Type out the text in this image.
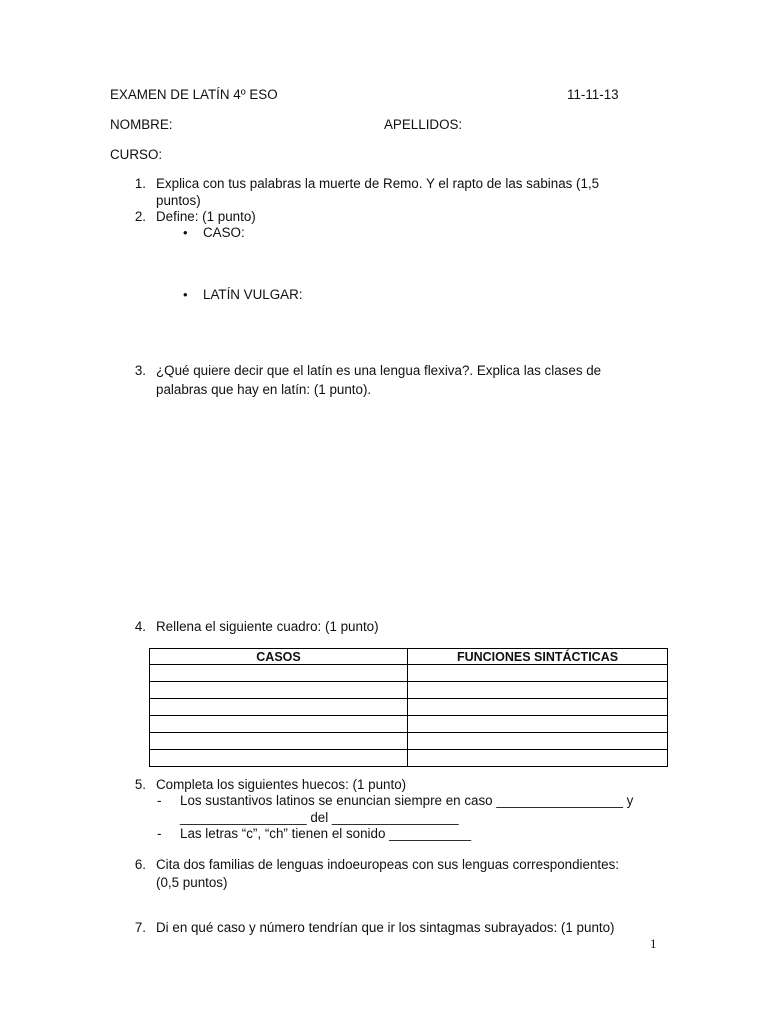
EXAMEN DE LATÍN 4º ESO	11-11-13
NOMBRE:	APELLIDOS:
CURSO:
1. Explica con tus palabras la muerte de Remo. Y el rapto de las sabinas (1,5
puntos)
2. Define: (1 punto)
• CASO:
• LATÍN VULGAR:
3. ¿Qué quiere decir que el latín es una lengua flexiva?. Explica las clases de
palabras que hay en latín: (1 punto).
4. Rellena el siguiente cuadro: (1 punto)
CASOS	FUNCIONES SINTÁCTICAS

5. Completa los siguientes huecos: (1 punto)
- Los sustantivos latinos se enuncian siempre en caso _________________ y
_________________ del _________________
- Las letras “c”, “ch” tienen el sonido ___________
6. Cita dos familias de lenguas indoeuropeas con sus lenguas correspondientes:
(0,5 puntos)
7. Di en qué caso y número tendrían que ir los sintagmas subrayados: (1 punto)
1
